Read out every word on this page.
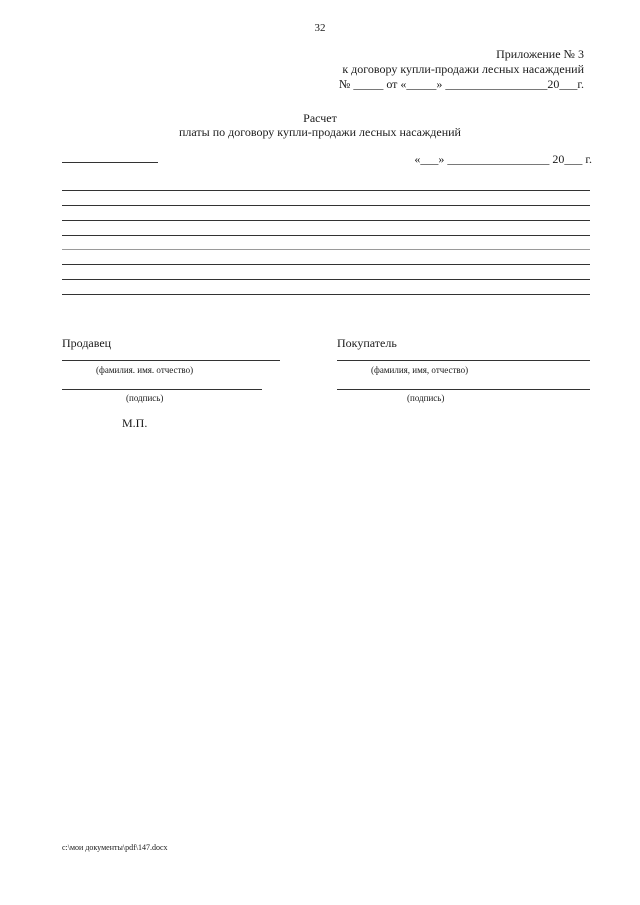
32
Приложение № 3
к договору купли-продажи лесных насаждений
№ _____ от «_____» _________________20___г.
Расчет
платы по договору купли-продажи лесных насаждений
«___» _________________ 20___ г.
Продавец	Покупатель
(фамилия. имя. отчество)	(фамилия, имя, отчество)
(подпись)	(подпись)
М.П.
c:\мои документы\pdf\147.docx
